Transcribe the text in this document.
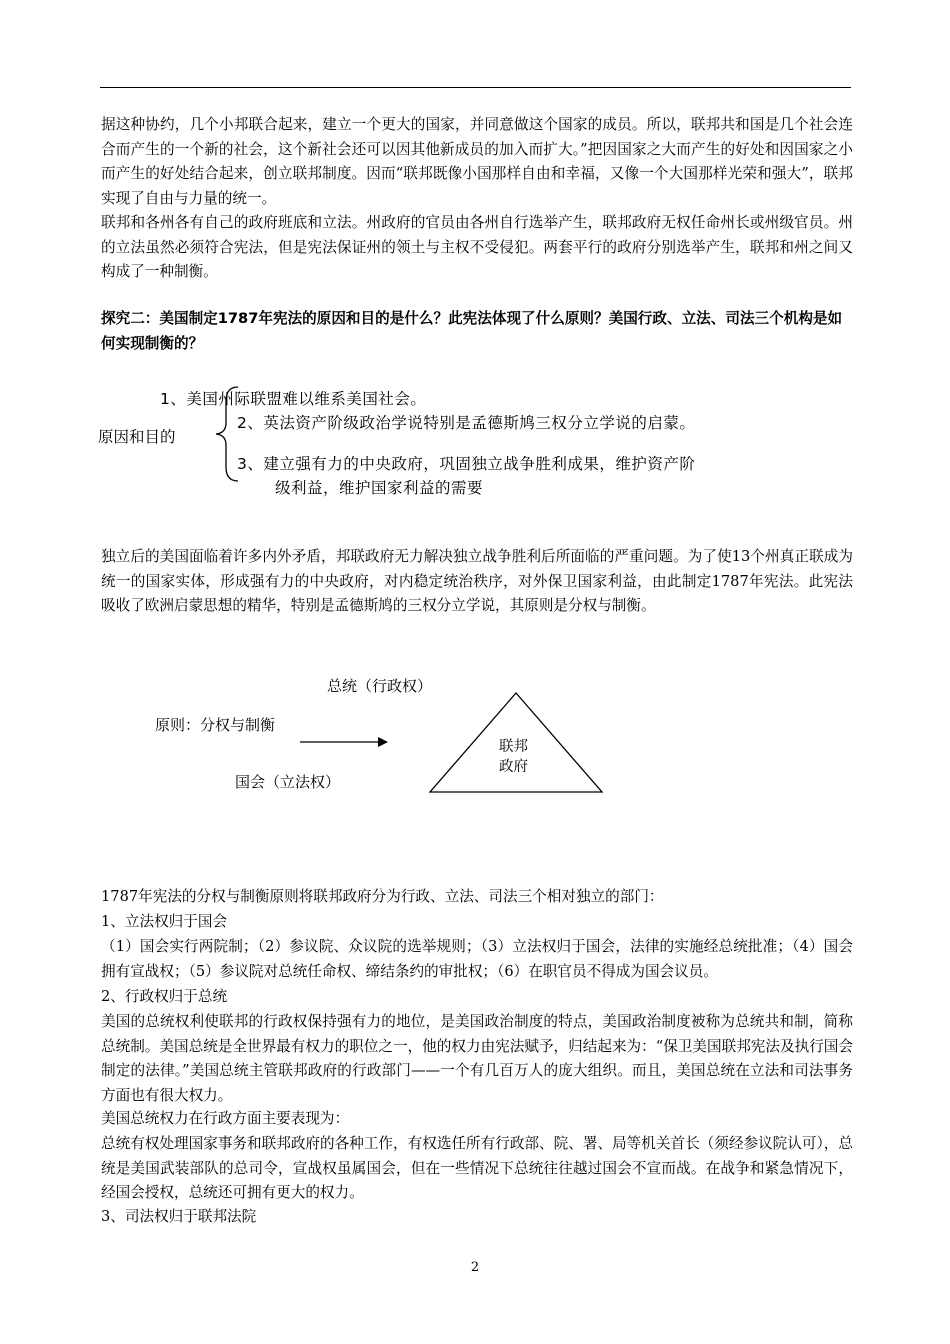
据这种协约，几个小邦联合起来，建立一个更大的国家，并同意做这个国家的成员。所以，联邦共和国是几个社会连合而产生的一个新的社会，这个新社会还可以因其他新成员的加入而扩大。”把因国家之大而产生的好处和因国家之小而产生的好处结合起来，创立联邦制度。因而“联邦既像小国那样自由和幸福，又像一个大国那样光荣和强大”，联邦实现了自由与力量的统一。

联邦和各州各有自己的政府班底和立法。州政府的官员由各州自行选举产生，联邦政府无权任命州长或州级官员。州的立法虽然必须符合宪法，但是宪法保证州的领土与主权不受侵犯。两套平行的政府分别选举产生，联邦和州之间又构成了一种制衡。

探究二：美国制定1787年宪法的原因和目的是什么？此宪法体现了什么原则？美国行政、立法、司法三个机构是如何实现制衡的？

原因和目的
1、美国州际联盟难以维系美国社会。
2、英法资产阶级政治学说特别是孟德斯鸠三权分立学说的启蒙。
3、建立强有力的中央政府，巩固独立战争胜利成果，维护资产阶
级利益，维护国家利益的需要

独立后的美国面临着许多内外矛盾，邦联政府无力解决独立战争胜利后所面临的严重问题。为了使13个州真正联成为统一的国家实体，形成强有力的中央政府，对内稳定统治秩序，对外保卫国家利益，由此制定1787年宪法。此宪法吸收了欧洲启蒙思想的精华，特别是孟德斯鸠的三权分立学说，其原则是分权与制衡。

总统（行政权）
原则：分权与制衡
国会（立法权）
联邦
政府

1787年宪法的分权与制衡原则将联邦政府分为行政、立法、司法三个相对独立的部门：

1、立法权归于国会

（1）国会实行两院制；（2）参议院、众议院的选举规则；（3）立法权归于国会，法律的实施经总统批准；（4）国会拥有宣战权；（5）参议院对总统任命权、缔结条约的审批权；（6）在职官员不得成为国会议员。

2、行政权归于总统

美国的总统权利使联邦的行政权保持强有力的地位，是美国政治制度的特点，美国政治制度被称为总统共和制，简称总统制。美国总统是全世界最有权力的职位之一，他的权力由宪法赋予，归结起来为：“保卫美国联邦宪法及执行国会制定的法律。”美国总统主管联邦政府的行政部门——一个有几百万人的庞大组织。而且，美国总统在立法和司法事务方面也有很大权力。

美国总统权力在行政方面主要表现为：

总统有权处理国家事务和联邦政府的各种工作，有权选任所有行政部、院、署、局等机关首长（须经参议院认可），总统是美国武装部队的总司令，宣战权虽属国会，但在一些情况下总统往往越过国会不宣而战。在战争和紧急情况下，经国会授权，总统还可拥有更大的权力。

3、司法权归于联邦法院

2
